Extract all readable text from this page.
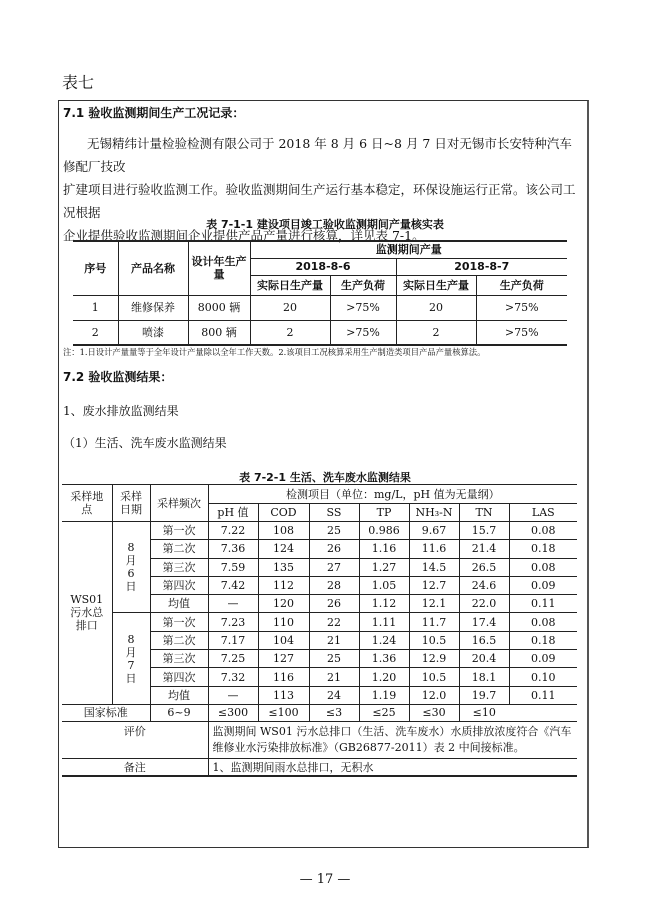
表七
7.1 验收监测期间生产工况记录：
无锡精纬计量检验检测有限公司于 2018 年 8 月 6 日~8 月 7 日对无锡市长安特种汽车修配厂技改
扩建项目进行验收监测工作。验收监测期间生产运行基本稳定，环保设施运行正常。该公司工况根据
企业提供验收监测期间企业提供产品产量进行核算，详见表 7-1。
表 7-1-1 建设项目竣工验收监测期间产量核实表
序号	产品名称	设计年生产量	监测期间产量			
			2018-8-6		2018-8-7	
			实际日生产量	生产负荷	实际日生产量	生产负荷
1	维修保养	8000 辆	20	>75%	20	>75%
2	喷漆	800 辆	2	>75%	2	>75%
注：1.日设计产量量等于全年设计产量除以全年工作天数。2.该项目工况核算采用生产制造类项目产品产量核算法。
7.2 验收监测结果：
1、废水排放监测结果
（1）生活、洗车废水监测结果
表 7-2-1 生活、洗车废水监测结果
采样地点	采样日期	采样频次	检测项目（单位：mg/L，pH 值为无量纲）						
			pH 值	COD	SS	TP	NH₃-N	TN	LAS
WS01 污水总排口	8 月 6 日	第一次	7.22	108	25	0.986	9.67	15.7	0.08
		第二次	7.36	124	26	1.16	11.6	21.4	0.18
		第三次	7.59	135	27	1.27	14.5	26.5	0.08
		第四次	7.42	112	28	1.05	12.7	24.6	0.09
		均值	—	120	26	1.12	12.1	22.0	0.11
	8 月 7 日	第一次	7.23	110	22	1.11	11.7	17.4	0.08
		第二次	7.17	104	21	1.24	10.5	16.5	0.18
		第三次	7.25	127	25	1.36	12.9	20.4	0.09
		第四次	7.32	116	21	1.20	10.5	18.1	0.10
		均值	—	113	24	1.19	12.0	19.7	0.11
国家标准		6~9	≤300	≤100	≤3	≤25	≤30	≤10	
评价			监测期间 WS01 污水总排口（生活、洗车废水）水质排放浓度符合《汽车维修业水污染排放标准》（GB26877-2011）表 2 中间接标准。						
备注			1、监测期间雨水总排口，无积水						
— 17 —
